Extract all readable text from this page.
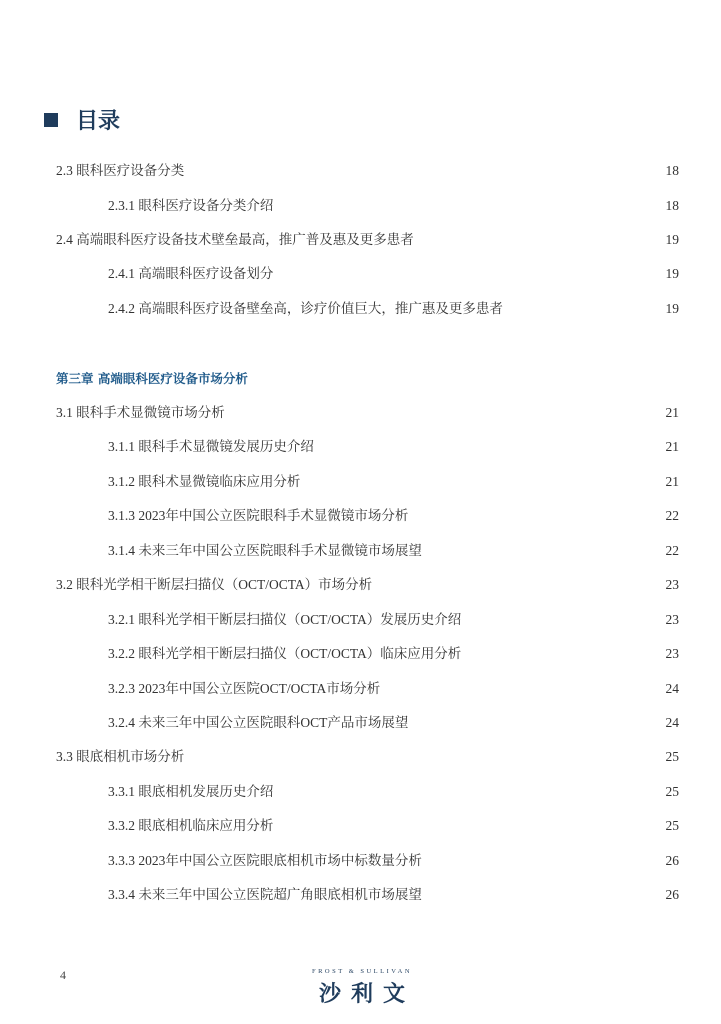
目录
2.3 眼科医疗设备分类	18
2.3.1 眼科医疗设备分类介绍	18
2.4 高端眼科医疗设备技术壁垒最高，推广普及惠及更多患者	19
2.4.1 高端眼科医疗设备划分	19
2.4.2 高端眼科医疗设备壁垒高，诊疗价值巨大，推广惠及更多患者	19
第三章 高端眼科医疗设备市场分析
3.1 眼科手术显微镜市场分析	21
3.1.1 眼科手术显微镜发展历史介绍	21
3.1.2 眼科术显微镜临床应用分析	21
3.1.3 2023年中国公立医院眼科手术显微镜市场分析	22
3.1.4 未来三年中国公立医院眼科手术显微镜市场展望	22
3.2 眼科光学相干断层扫描仪（OCT/OCTA）市场分析	23
3.2.1 眼科光学相干断层扫描仪（OCT/OCTA）发展历史介绍	23
3.2.2 眼科光学相干断层扫描仪（OCT/OCTA）临床应用分析	23
3.2.3 2023年中国公立医院OCT/OCTA市场分析	24
3.2.4 未来三年中国公立医院眼科OCT产品市场展望	24
3.3 眼底相机市场分析	25
3.3.1 眼底相机发展历史介绍	25
3.3.2 眼底相机临床应用分析	25
3.3.3 2023年中国公立医院眼底相机市场中标数量分析	26
3.3.4 未来三年中国公立医院超广角眼底相机市场展望	26
4	FROST & SULLIVAN
沙利文
